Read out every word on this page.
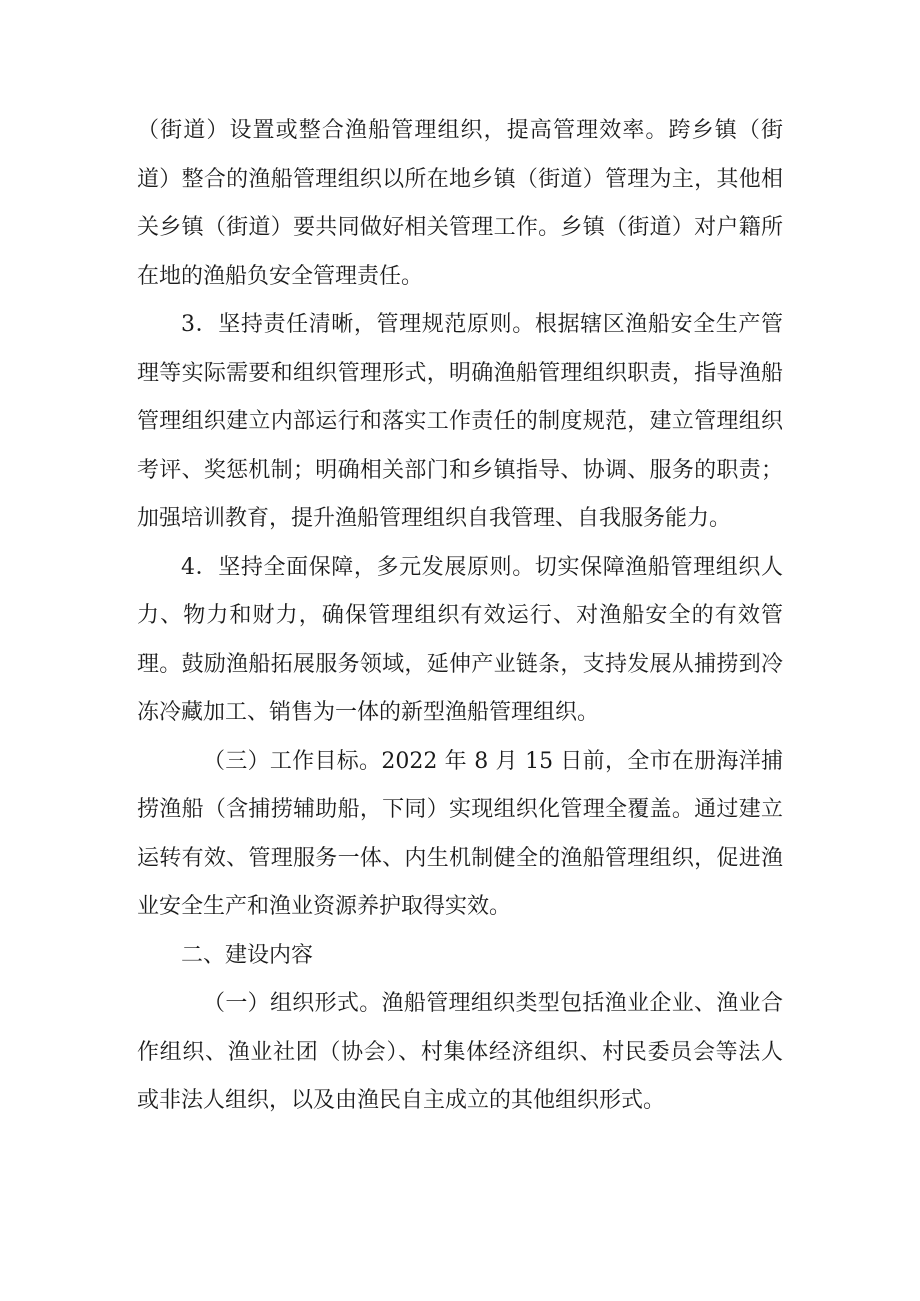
（街道）设置或整合渔船管理组织，提高管理效率。跨乡镇（街道）整合的渔船管理组织以所在地乡镇（街道）管理为主，其他相关乡镇（街道）要共同做好相关管理工作。乡镇（街道）对户籍所在地的渔船负安全管理责任。

3．坚持责任清晰，管理规范原则。根据辖区渔船安全生产管理等实际需要和组织管理形式，明确渔船管理组织职责，指导渔船管理组织建立内部运行和落实工作责任的制度规范，建立管理组织考评、奖惩机制；明确相关部门和乡镇指导、协调、服务的职责；加强培训教育，提升渔船管理组织自我管理、自我服务能力。

4．坚持全面保障，多元发展原则。切实保障渔船管理组织人力、物力和财力，确保管理组织有效运行、对渔船安全的有效管理。鼓励渔船拓展服务领域，延伸产业链条，支持发展从捕捞到冷冻冷藏加工、销售为一体的新型渔船管理组织。

（三）工作目标。2022 年 8 月 15 日前，全市在册海洋捕捞渔船（含捕捞辅助船，下同）实现组织化管理全覆盖。通过建立运转有效、管理服务一体、内生机制健全的渔船管理组织，促进渔业安全生产和渔业资源养护取得实效。

二、建设内容

（一）组织形式。渔船管理组织类型包括渔业企业、渔业合作组织、渔业社团（协会）、村集体经济组织、村民委员会等法人或非法人组织，以及由渔民自主成立的其他组织形式。
